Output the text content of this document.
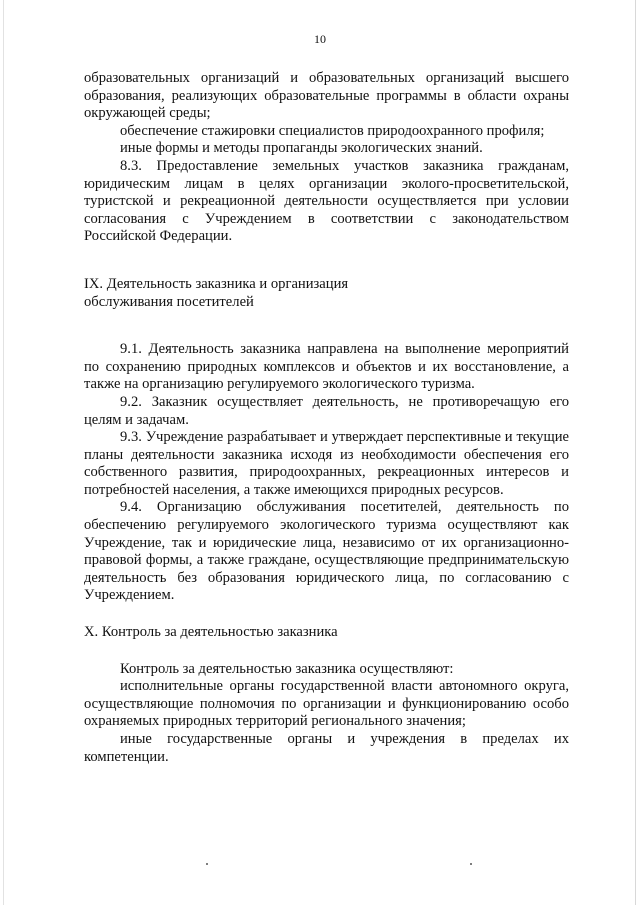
10

образовательных организаций и образовательных организаций высшего

образования, реализующих образовательные программы в области охраны окружающей среды;

обеспечение стажировки специалистов природоохранного профиля;

иные формы и методы пропаганды экологических знаний.

8.3. Предоставление земельных участков заказника гражданам, юридическим лицам в целях организации эколого-просветительской, туристской и рекреационной деятельности осуществляется при условии согласования с Учреждением в соответствии с законодательством Российской Федерации.

IX. Деятельность заказника и организация

обслуживания посетителей

9.1. Деятельность заказника направлена на выполнение мероприятий по сохранению природных комплексов и объектов и их восстановление, а также на организацию регулируемого экологического туризма.

9.2. Заказник осуществляет деятельность, не противоречащую его целям и задачам.

9.3. Учреждение разрабатывает и утверждает перспективные и текущие планы деятельности заказника исходя из необходимости обеспечения его собственного развития, природоохранных, рекреационных интересов и потребностей населения, а также имеющихся природных ресурсов.

9.4. Организацию обслуживания посетителей, деятельность по обеспечению регулируемого экологического туризма осуществляют как Учреждение, так и юридические лица, независимо от их организационно-правовой формы, а также граждане, осуществляющие предпринимательскую деятельность без образования юридического лица, по согласованию с Учреждением.

X. Контроль за деятельностью заказника

Контроль за деятельностью заказника осуществляют:

исполнительные органы государственной власти автономного округа, осуществляющие полномочия по организации и функционированию особо охраняемых природных территорий регионального значения;

иные государственные органы и учреждения в пределах их компетенции.
